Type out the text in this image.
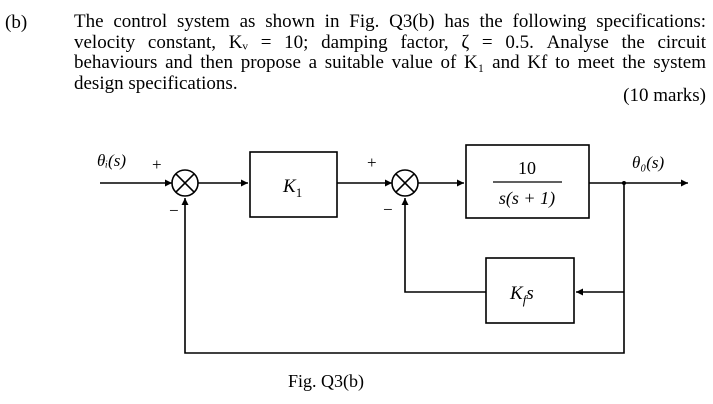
(b) The control system as shown in Fig. Q3(b) has the following specifications:
velocity constant, Kᵥ = 10; damping factor, ζ = 0.5. Analyse the circuit
behaviours and then propose a suitable value of K₁ and Kf to meet the system
design specifications.
(10 marks)
θᵢ(s) +
−
+
−
$K_1$
10
s(s + 1)
$K_fs$
θ₀(s)
Fig. Q3(b)
